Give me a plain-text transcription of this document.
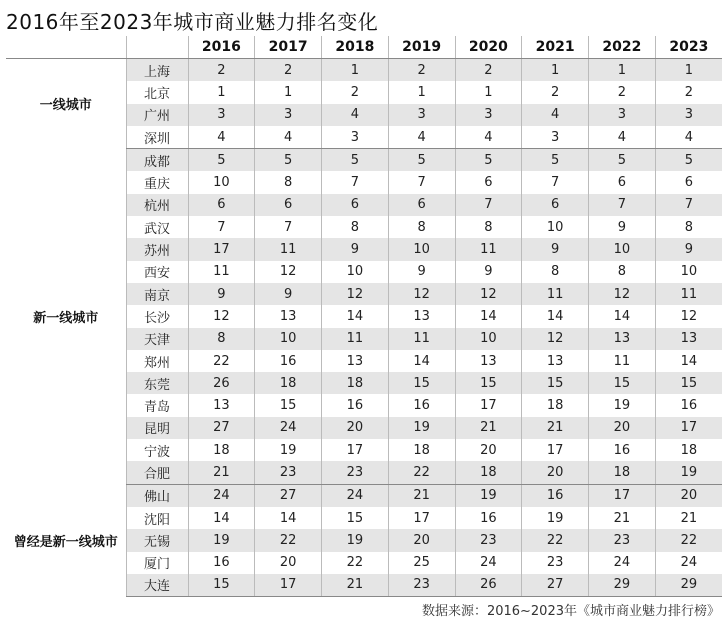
2016年至2023年城市商业魅力排名变化
		2016	2017	2018	2019	2020	2021	2022	2023
一线城市	上海	2	2	1	2	2	1	1	1
	北京	1	1	2	1	1	2	2	2
	广州	3	3	4	3	3	4	3	3
	深圳	4	4	3	4	4	3	4	4
新一线城市	成都	5	5	5	5	5	5	5	5
	重庆	10	8	7	7	6	7	6	6
	杭州	6	6	6	6	7	6	7	7
	武汉	7	7	8	8	8	10	9	8
	苏州	17	11	9	10	11	9	10	9
	西安	11	12	10	9	9	8	8	10
	南京	9	9	12	12	12	11	12	11
	长沙	12	13	14	13	14	14	14	12
	天津	8	10	11	11	10	12	13	13
	郑州	22	16	13	14	13	13	11	14
	东莞	26	18	18	15	15	15	15	15
	青岛	13	15	16	16	17	18	19	16
	昆明	27	24	20	19	21	21	20	17
	宁波	18	19	17	18	20	17	16	18
	合肥	21	23	23	22	18	20	18	19
曾经是新一线城市	佛山	24	27	24	21	19	16	17	20
	沈阳	14	14	15	17	16	19	21	21
	无锡	19	22	19	20	23	22	23	22
	厦门	16	20	22	25	24	23	24	24
	大连	15	17	21	23	26	27	29	29
数据来源：2016~2023年《城市商业魅力排行榜》
